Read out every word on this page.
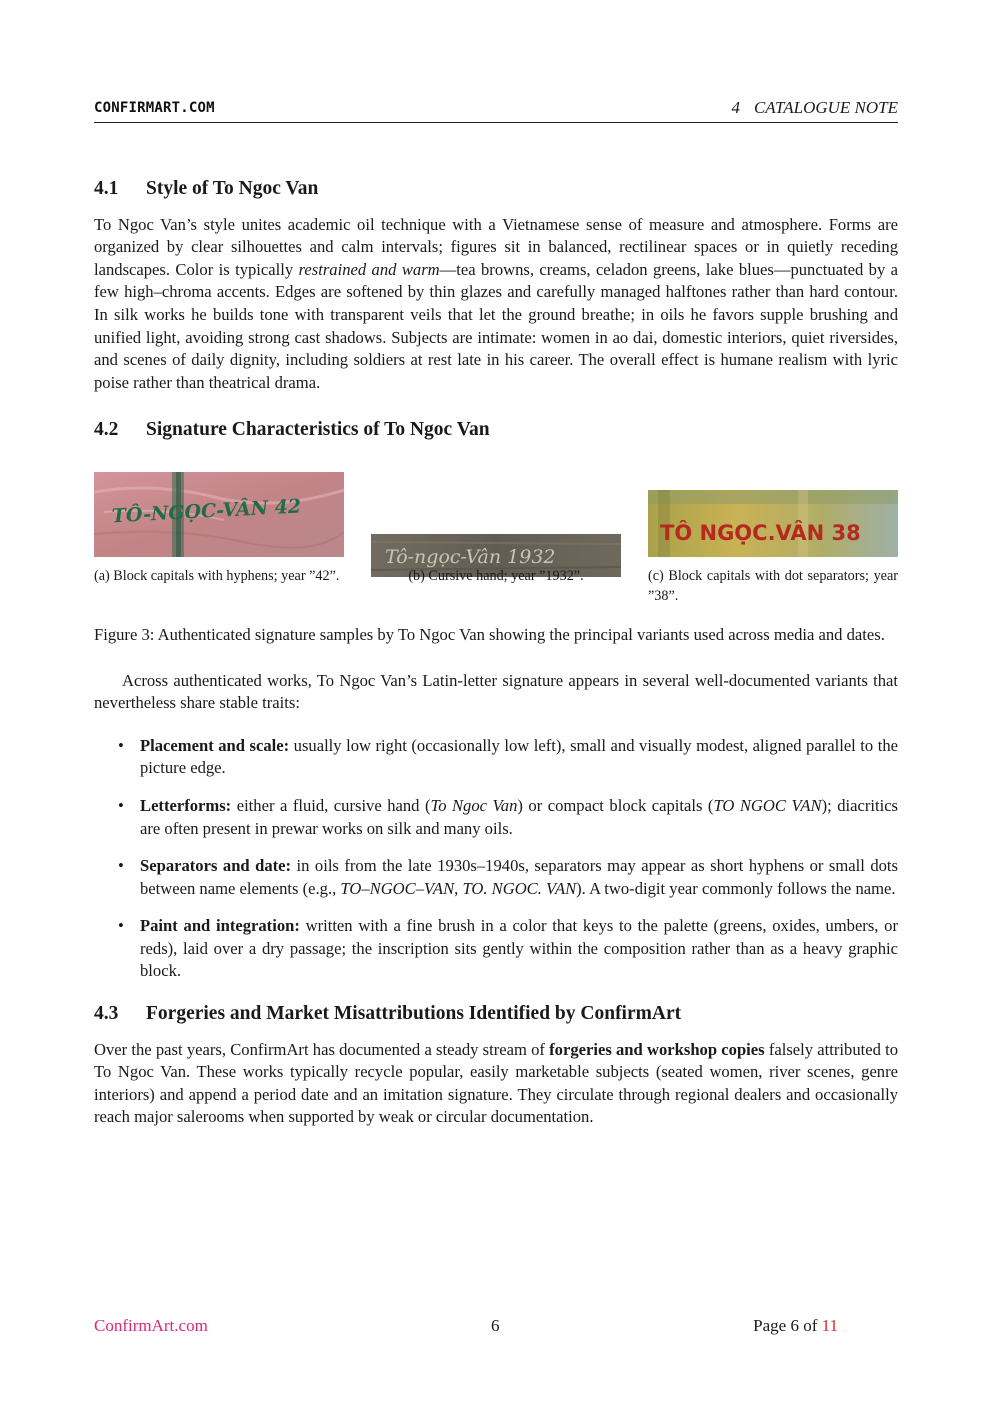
CONFIRMART.COM	4 CATALOGUE NOTE
4.1 Style of To Ngoc Van

To Ngoc Van’s style unites academic oil technique with a Vietnamese sense of measure and atmosphere. Forms are organized by clear silhouettes and calm intervals; figures sit in balanced, rectilinear spaces or in quietly receding landscapes. Color is typically restrained and warm—tea browns, creams, celadon greens, lake blues—punctuated by a few high–chroma accents. Edges are softened by thin glazes and carefully managed halftones rather than hard contour. In silk works he builds tone with transparent veils that let the ground breathe; in oils he favors supple brushing and unified light, avoiding strong cast shadows. Subjects are intimate: women in ao dai, domestic interiors, quiet riversides, and scenes of daily dignity, including soldiers at rest late in his career. The overall effect is humane realism with lyric poise rather than theatrical drama.

4.2 Signature Characteristics of To Ngoc Van
TÔ-NGỌC-VÂN 42
(a) Block capitals with hyphens; year ”42”.
Tô-ngọc-Vân 1932
(b) Cursive hand; year ”1932”.
TÔ NGỌC.VÂN 38
(c) Block capitals with dot separators; year ”38”.

Figure 3: Authenticated signature samples by To Ngoc Van showing the principal variants used across media and dates.

Across authenticated works, To Ngoc Van’s Latin-letter signature appears in several well-documented variants that nevertheless share stable traits:

• Placement and scale: usually low right (occasionally low left), small and visually modest, aligned parallel to the picture edge.
• Letterforms: either a fluid, cursive hand (To Ngoc Van) or compact block capitals (TO NGOC VAN); diacritics are often present in prewar works on silk and many oils.
• Separators and date: in oils from the late 1930s–1940s, separators may appear as short hyphens or small dots between name elements (e.g., TO–NGOC–VAN, TO. NGOC. VAN). A two-digit year commonly follows the name.
• Paint and integration: written with a fine brush in a color that keys to the palette (greens, oxides, umbers, or reds), laid over a dry passage; the inscription sits gently within the composition rather than as a heavy graphic block.
4.3 Forgeries and Market Misattributions Identified by ConfirmArt

Over the past years, ConfirmArt has documented a steady stream of forgeries and workshop copies falsely attributed to To Ngoc Van. These works typically recycle popular, easily marketable subjects (seated women, river scenes, genre interiors) and append a period date and an imitation signature. They circulate through regional dealers and occasionally reach major salerooms when supported by weak or circular documentation.

ConfirmArt.com	6	Page 6 of 11
